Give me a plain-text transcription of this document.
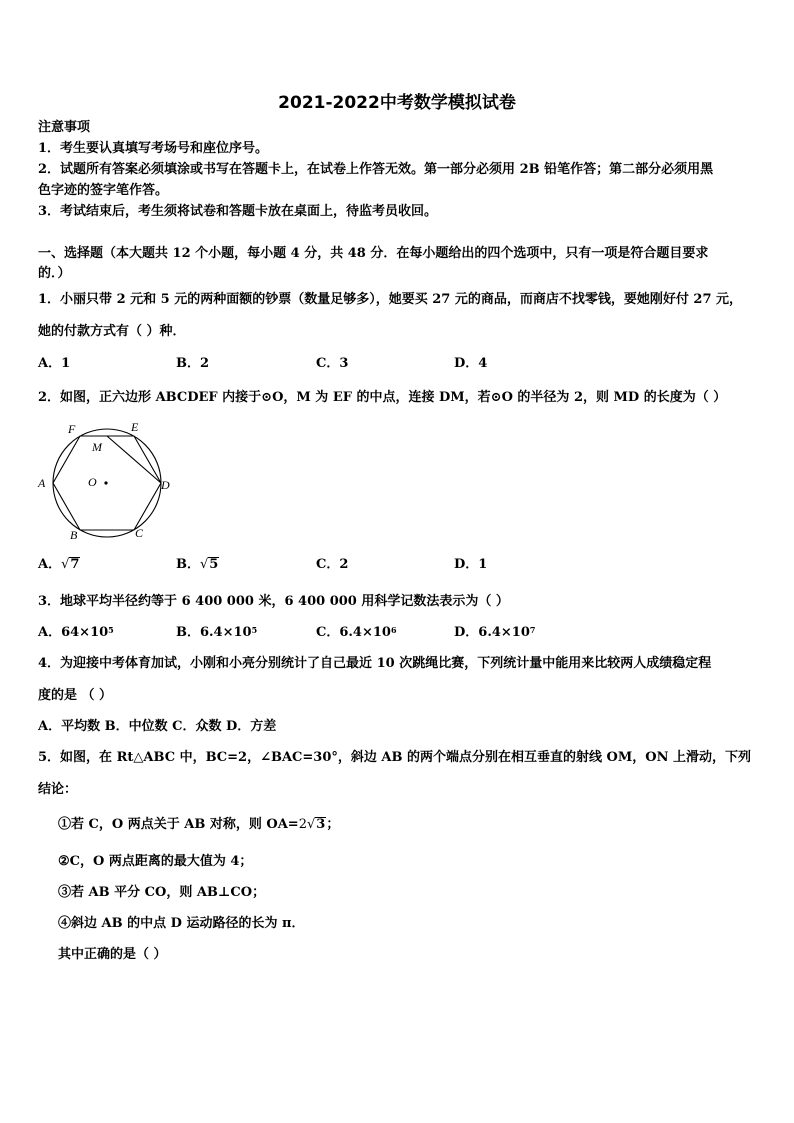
2021-2022中考数学模拟试卷
注意事项
1．考生要认真填写考场号和座位序号。
2．试题所有答案必须填涂或书写在答题卡上，在试卷上作答无效。第一部分必须用 2B 铅笔作答；第二部分必须用黑
色字迹的签字笔作答。
3．考试结束后，考生须将试卷和答题卡放在桌面上，待监考员收回。
一、选择题（本大题共 12 个小题，每小题 4 分，共 48 分．在每小题给出的四个选项中，只有一项是符合题目要求
的．）
1．小丽只带 2 元和 5 元的两种面额的钞票（数量足够多），她要买 27 元的商品，而商店不找零钱，要她刚好付 27 元，
她的付款方式有（ ）种．
A．1	B．2	C．3	D．4
2．如图，正六边形 ABCDEF 内接于⊙O，M 为 EF 的中点，连接 DM，若⊙O 的半径为 2，则 MD 的长度为（ ）
F	E
M
A	O	D
B	C
A．√7	B．√5	C．2	D．1
3．地球平均半径约等于 6 400 000 米，6 400 000 用科学记数法表示为（ ）
A．$64\times 10^5$	B．$6.4\times 10^5$	C．$6.4\times 10^6$	D．$6.4\times 10^7$
4．为迎接中考体育加试，小刚和小亮分别统计了自己最近 10 次跳绳比赛，下列统计量中能用来比较两人成绩稳定程
度的是 （ ）
A．平均数 B．中位数 C．众数 D．方差
5．如图，在 Rt△ABC 中，BC=2，∠BAC=30°，斜边 AB 的两个端点分别在相互垂直的射线 OM，ON 上滑动，下列
结论：
①若 C，O 两点关于 AB 对称，则 OA=2√3；
②C，O 两点距离的最大值为 4；
③若 AB 平分 CO，则 AB⊥CO；
④斜边 AB 的中点 D 运动路径的长为 π．
其中正确的是（ ）
